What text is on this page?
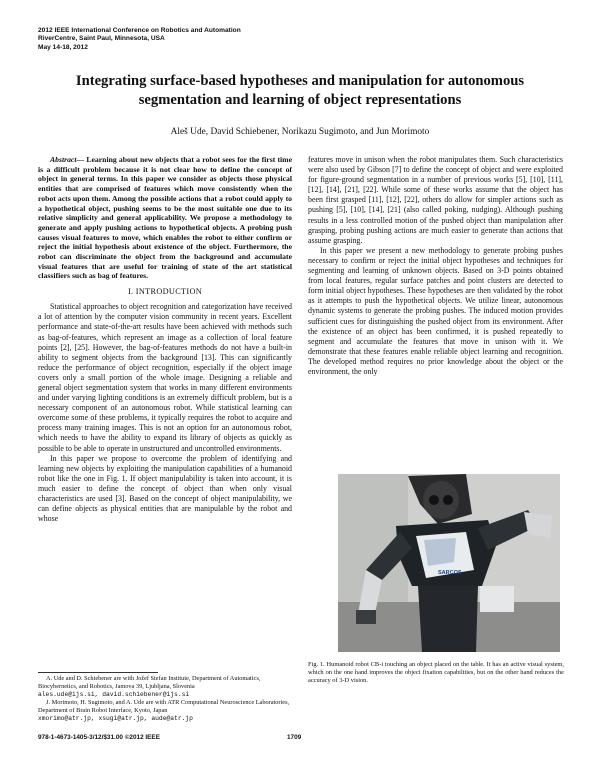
2012 IEEE International Conference on Robotics and Automation
RiverCentre, Saint Paul, Minnesota, USA
May 14-18, 2012
Integrating surface-based hypotheses and manipulation for autonomous
segmentation and learning of object representations
Aleš Ude, David Schiebener, Norikazu Sugimoto, and Jun Morimoto

Abstract— Learning about new objects that a robot sees for the first time is a difficult problem because it is not clear how to define the concept of object in general terms. In this paper we consider as objects those physical entities that are comprised of features which move consistently when the robot acts upon them. Among the possible actions that a robot could apply to a hypothetical object, pushing seems to be the most suitable one due to its relative simplicity and general applicability. We propose a methodology to generate and apply pushing actions to hypothetical objects. A probing push causes visual features to move, which enables the robot to either confirm or reject the initial hypothesis about existence of the object. Furthermore, the robot can discriminate the object from the background and accumulate visual features that are useful for training of state of the art statistical classifiers such as bag of features.

I. INTRODUCTION

Statistical approaches to object recognition and categorization have received a lot of attention by the computer vision community in recent years. Excellent performance and state-of-the-art results have been achieved with methods such as bag-of-features, which represent an image as a collection of local feature points [2], [25]. However, the bag-of-features methods do not have a built-in ability to segment objects from the background [13]. This can significantly reduce the performance of object recognition, especially if the object image covers only a small portion of the whole image. Designing a reliable and general object segmentation system that works in many different environments and under varying lighting conditions is an extremely difficult problem, but is a necessary component of an autonomous robot. While statistical learning can overcome some of these problems, it typically requires the robot to acquire and process many training images. This is not an option for an autonomous robot, which needs to have the ability to expand its library of objects as quickly as possible to be able to operate in unstructured and uncontrolled environments.

In this paper we propose to overcome the problem of identifying and learning new objects by exploiting the manipulation capabilities of a humanoid robot like the one in Fig. 1. If object manipulability is taken into account, it is much easier to define the concept of object than when only visual characteristics are used [3]. Based on the concept of object manipulability, we can define objects as physical entities that are manipulable by the robot and whose

A. Ude and D. Schiebener are with Jožef Stefan Institute, Department of Automatics, Biocybernetics, and Robotics, Jamova 39, Ljubljana, Slovenia
ales.ude@ijs.si, david.schiebener@ijs.si
J. Morimoto, H. Sugimoto, and A. Ude are with ATR Computational Neuroscience Laboratories, Department of Brain Robot Interface, Kyoto, Japan
xmorimo@atr.jp, xsugi@atr.jp, aude@atr.jp

features move in unison when the robot manipulates them. Such characteristics were also used by Gibson [7] to define the concept of object and were exploited for figure-ground segmentation in a number of previous works [5], [10], [11], [12], [14], [21], [22]. While some of these works assume that the object has been first grasped [11], [12], [22], others do allow for simpler actions such as pushing [5], [10], [14], [21] (also called poking, nudging). Although pushing results in a less controlled motion of the pushed object than manipulation after grasping, probing pushing actions are much easier to generate than actions that assume grasping.

In this paper we present a new methodology to generate probing pushes necessary to confirm or reject the initial object hypotheses and techniques for segmenting and learning of unknown objects. Based on 3-D points obtained from local features, regular surface patches and point clusters are detected to form initial object hypotheses. These hypotheses are then validated by the robot as it attempts to push the hypothetical objects. We utilize linear, autonomous dynamic systems to generate the probing pushes. The induced motion provides sufficient cues for distinguishing the pushed object from its environment. After the existence of an object has been confirmed, it is pushed repeatedly to segment and accumulate the features that move in unison with it. We demonstrate that these features enable reliable object learning and recognition. The developed method requires no prior knowledge about the object or the environment, the only

SARCOS
Fig. 1. Humanoid robot CB-i touching an object placed on the table. It has an active visual system, which on the one hand improves the object fixation capabilities, but on the other hand reduces the accuracy of 3-D vision.
978-1-4673-1405-3/12/$31.00 ©2012 IEEE	1709
